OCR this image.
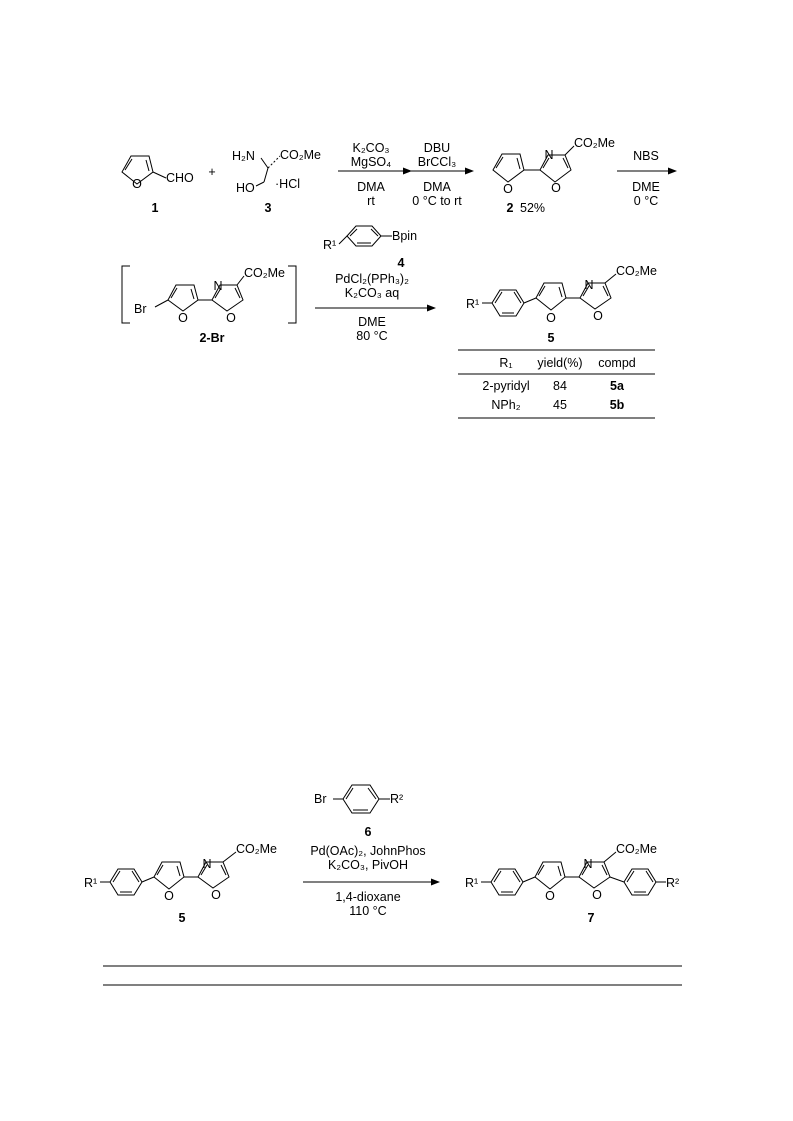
O CHO
1
+
H₂N CO₂Me
HO ·HCl
3
K₂CO₃
MgSO₄
DMA
rt
DBU
BrCCl₃
DMA
0 °C to rt
O
N
O
CO₂Me
2 52%
NBS
DME
0 °C
Br
O
N
O
CO₂Me
2-Br
R¹
Bpin
4
PdCl₂(PPh₃)₂
K₂CO₃ aq
DME
80 °C
R¹
O
N
O
CO₂Me
5
R₁ yield(%) compd
2-pyridyl 84	5a
NPh₂	45	5b
Br	R²
6
R¹
O
N
O
CO₂Me
5
Pd(OAc)₂, JohnPhos
K₂CO₃, PivOH
1,4-dioxane
110 °C
R¹
O
N
O
CO₂Me
R²
7
